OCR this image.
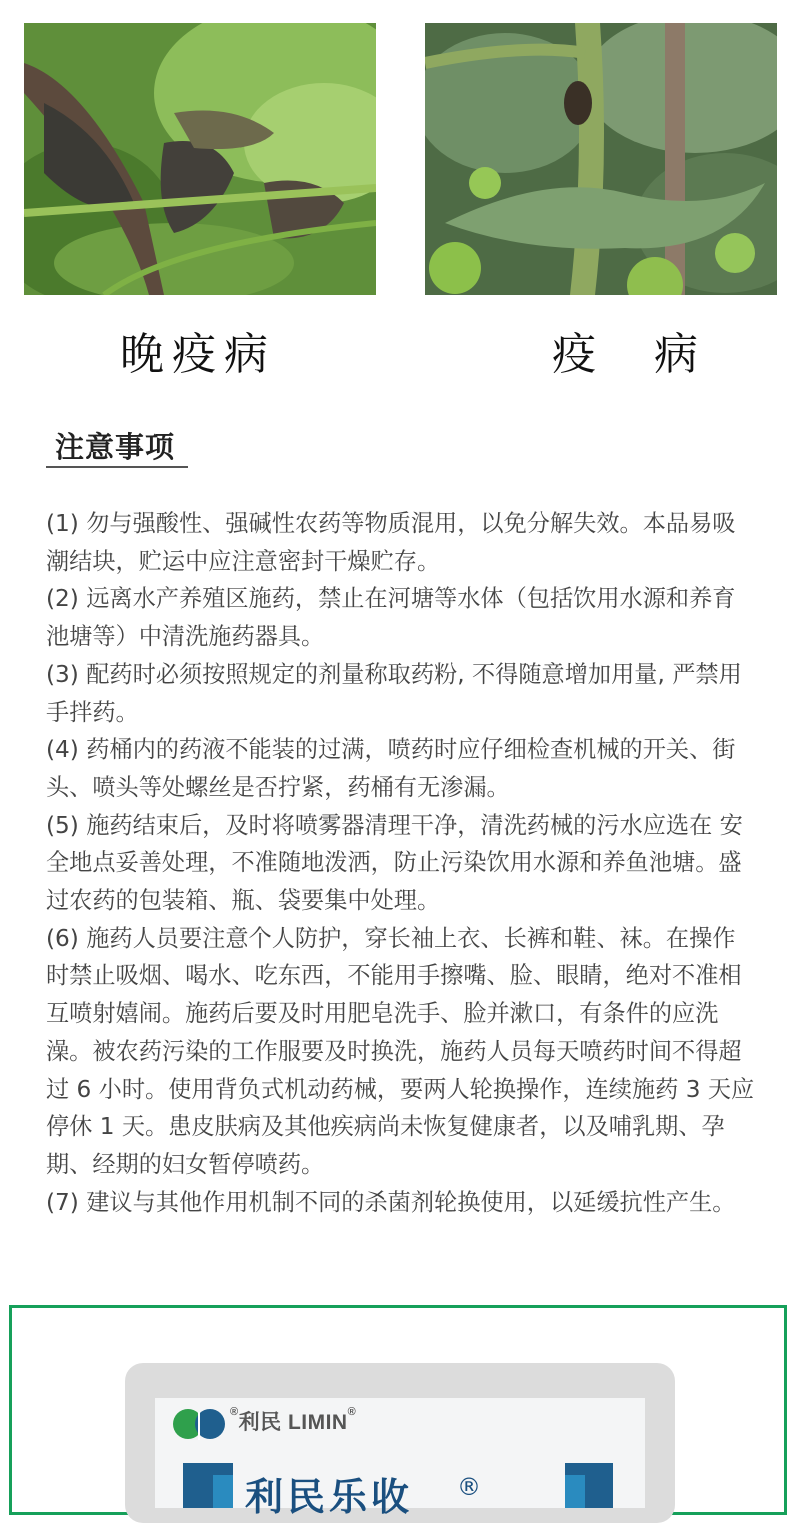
晚疫病	疫 病
注意事项

(1) 勿与强酸性、强碱性农药等物质混用，以免分解失效。本品易吸潮结块，贮运中应注意密封干燥贮存。

(2) 远离水产养殖区施药，禁止在河塘等水体（包括饮用水源和养育池塘等）中清洗施药器具。

(3) 配药时必须按照规定的剂量称取药粉, 不得随意增加用量, 严禁用手拌药。

(4) 药桶内的药液不能装的过满，喷药时应仔细检查机械的开关、街头、喷头等处螺丝是否拧紧，药桶有无渗漏。

(5) 施药结束后，及时将喷雾器清理干净，清洗药械的污水应选在 安全地点妥善处理，不准随地泼洒，防止污染饮用水源和养鱼池塘。盛过农药的包装箱、瓶、袋要集中处理。

(6) 施药人员要注意个人防护，穿长袖上衣、长裤和鞋、袜。在操作时禁止吸烟、喝水、吃东西，不能用手擦嘴、脸、眼睛，绝对不准相互喷射嬉闹。施药后要及时用肥皂洗手、脸并漱口，有条件的应洗澡。被农药污染的工作服要及时换洗，施药人员每天喷药时间不得超过 6 小时。使用背负式机动药械，要两人轮换操作，连续施药 3 天应停休 1 天。患皮肤病及其他疾病尚未恢复健康者，以及哺乳期、孕期、经期的妇女暂停喷药。

(7) 建议与其他作用机制不同的杀菌剂轮换使用，以延缓抗性产生。

®利民 LIMIN®
利民乐收 ®
